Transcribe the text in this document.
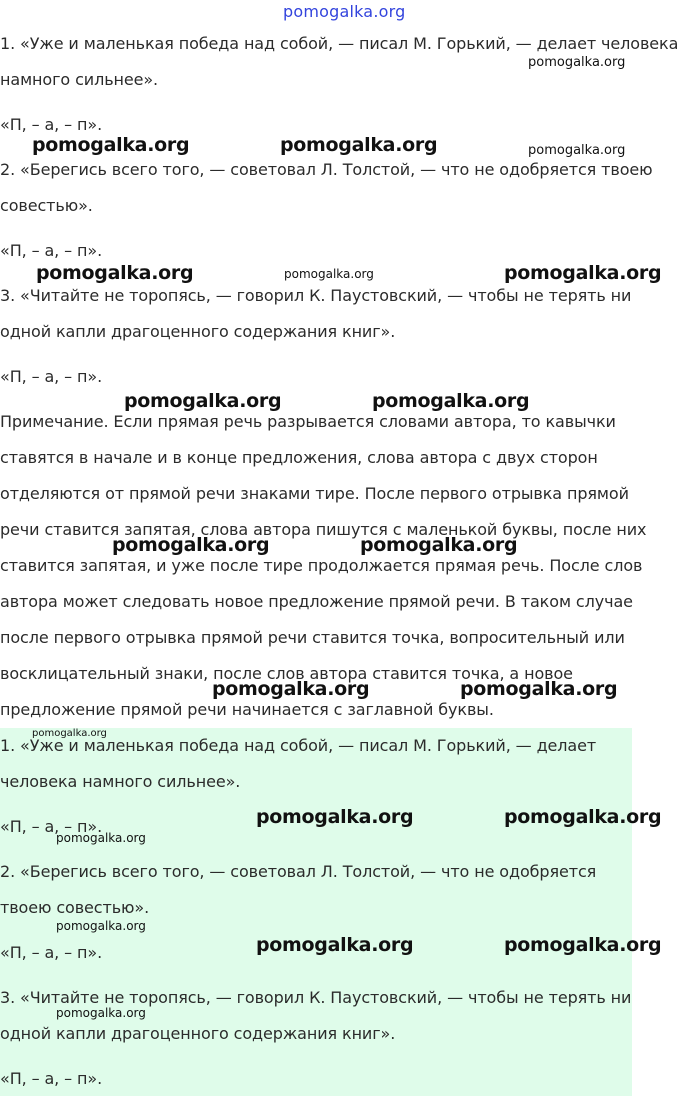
pomogalka.org

1. «Уже и маленькая победа над собой, — писал М. Горький, — делает человека

намного сильнее».

«П, – а, – п».

2. «Берегись всего того, — советовал Л. Толстой, — что не одобряется твоею

совестью».

«П, – а, – п».

3. «Читайте не торопясь, — говорил К. Паустовский, — чтобы не терять ни

одной капли драгоценного содержания книг».

«П, – а, – п».

Примечание. Если прямая речь разрывается словами автора, то кавычки

ставятся в начале и в конце предложения, слова автора с двух сторон

отделяются от прямой речи знаками тире. После первого отрывка прямой

речи ставится запятая, слова автора пишутся с маленькой буквы, после них

ставится запятая, и уже после тире продолжается прямая речь. После слов

автора может следовать новое предложение прямой речи. В таком случае

после первого отрывка прямой речи ставится точка, вопросительный или

восклицательный знаки, после слов автора ставится точка, а новое

предложение прямой речи начинается с заглавной буквы.

1. «Уже и маленькая победа над собой, — писал М. Горький, — делает

человека намного сильнее».

«П, – а, – п».

2. «Берегись всего того, — советовал Л. Толстой, — что не одобряется

твоею совестью».

«П, – а, – п».

3. «Читайте не торопясь, — говорил К. Паустовский, — чтобы не терять ни

одной капли драгоценного содержания книг».

«П, – а, – п».

pomogalka.org
pomogalka.org	pomogalka.org	pomogalka.org
pomogalka.org	pomogalka.org	pomogalka.org
pomogalka.org	pomogalka.org
pomogalka.org	pomogalka.org
pomogalka.org	pomogalka.org
pomogalka.org
pomogalka.org	pomogalka.org
pomogalka.org
pomogalka.org
pomogalka.org	pomogalka.org
pomogalka.org
